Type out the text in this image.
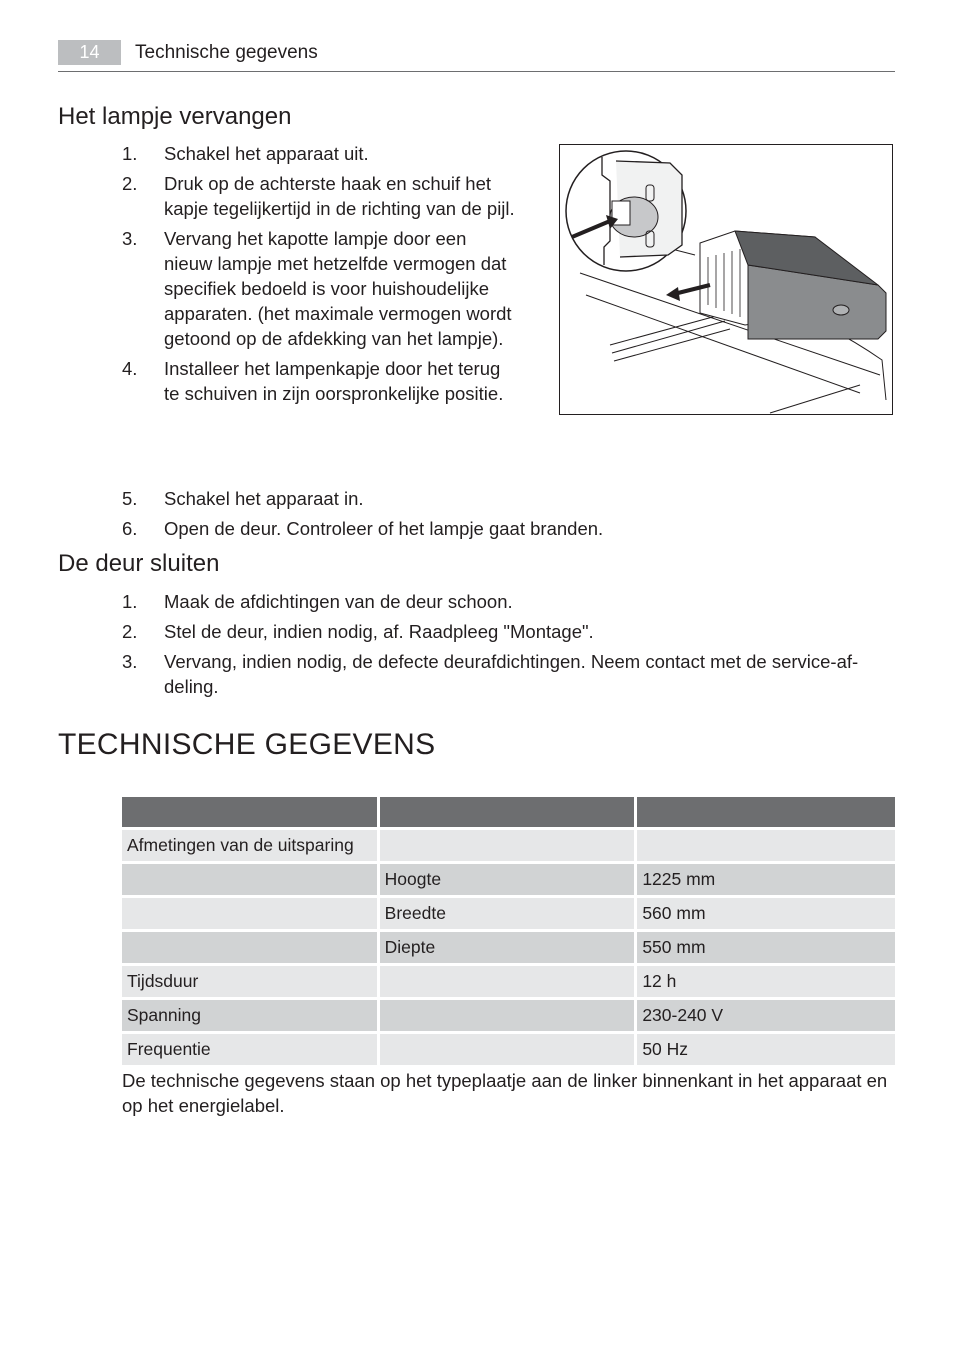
14	Technische gegevens
Het lampje vervangen
1. Schakel het apparaat uit.
2. Druk op de achterste haak en schuif het kapje tegelijkertijd in de richting van de pijl.
3. Vervang het kapotte lampje door een nieuw lampje met hetzelfde vermogen dat specifiek bedoeld is voor huishoudelijke apparaten. (het maximale vermogen wordt getoond op de afdekking van het lampje).
4. Installeer het lampenkapje door het terug te schuiven in zijn oorspronkelijke positie.
5. Schakel het apparaat in.
6. Open de deur. Controleer of het lampje gaat branden.
De deur sluiten
1. Maak de afdichtingen van de deur schoon.
2. Stel de deur, indien nodig, af. Raadpleeg "Montage".
3. Vervang, indien nodig, de defecte deurafdichtingen. Neem contact met de service-afdeling.
TECHNISCHE GEGEVENS

Afmetingen van de uitsparing		
	Hoogte	1225 mm
	Breedte	560 mm
	Diepte	550 mm
Tijdsduur		12 h
Spanning		230-240 V
Frequentie		50 Hz

De technische gegevens staan op het typeplaatje aan de linker binnenkant in het apparaat en op het energielabel.
